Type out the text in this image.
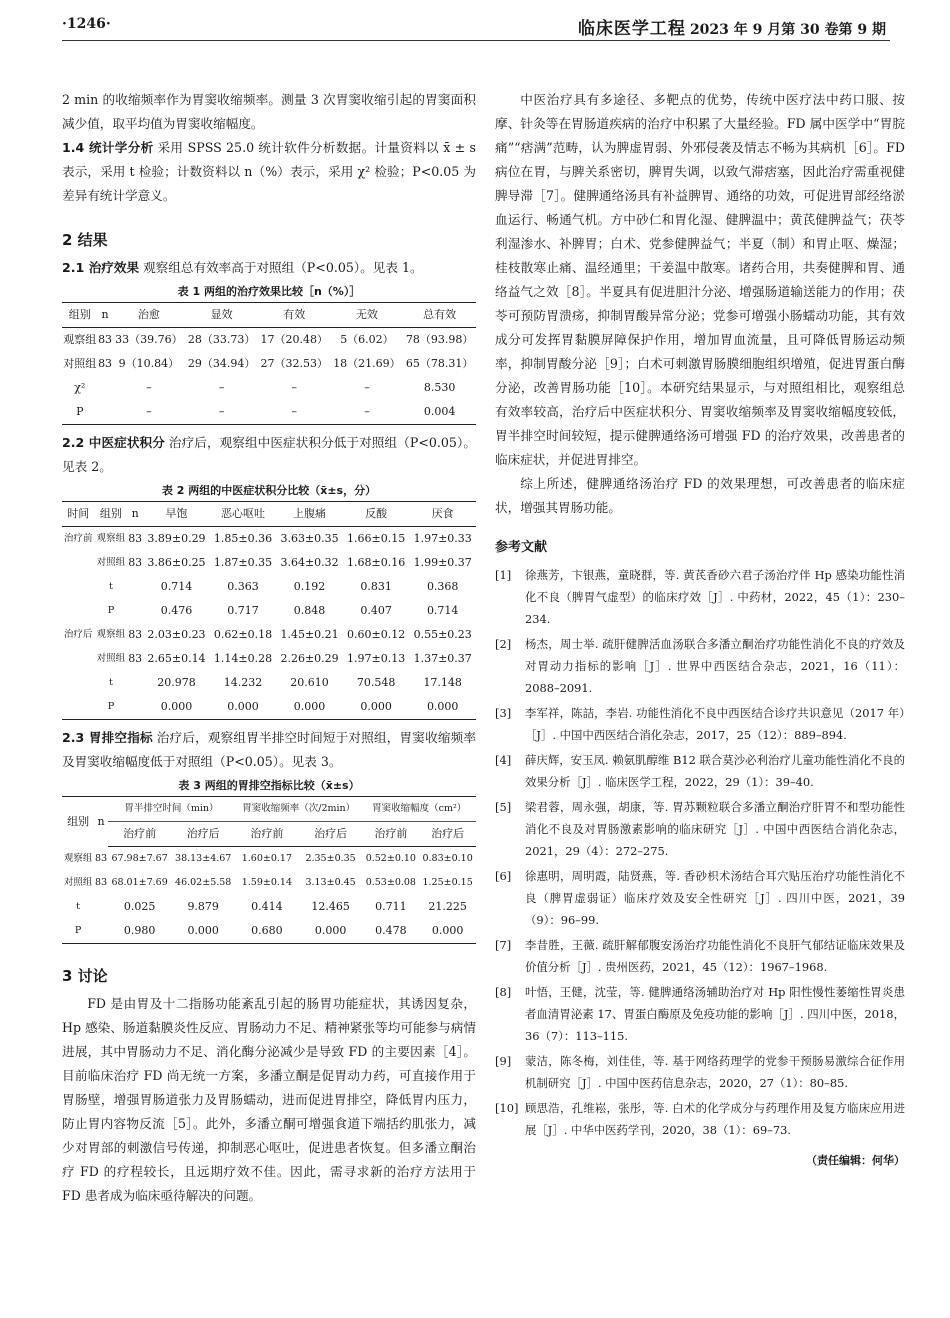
·1246·	临床医学工程 2023 年 9 月第 30 卷第 9 期

2 min 的收缩频率作为胃窦收缩频率。测量 3 次胃窦收缩引起的胃窦面积减少值，取平均值为胃窦收缩幅度。

1.4 统计学分析 采用 SPSS 25.0 统计软件分析数据。计量资料以 x̄ ± s 表示，采用 t 检验；计数资料以 n（%）表示，采用 χ² 检验；P<0.05 为差异有统计学意义。

2 结果

2.1 治疗效果 观察组总有效率高于对照组（P<0.05）。见表 1。

表 1 两组的治疗效果比较［n（%）］
组别	n	治愈	显效	有效	无效	总有效
观察组	83	33（39.76）	28（33.73）	17（20.48）	5（6.02）	78（93.98）
对照组	83	9（10.84）	29（34.94）	27（32.53）	18（21.69）	65（78.31）
χ²		–	–	–	–	8.530
P		–	–	–	–	0.004

2.2 中医症状积分 治疗后，观察组中医症状积分低于对照组（P<0.05）。见表 2。

表 2 两组的中医症状积分比较（x̄±s，分）
时间	组别	n	早饱	恶心呕吐	上腹痛	反酸	厌食
治疗前	观察组	83	3.89±0.29	1.85±0.36	3.63±0.35	1.66±0.15	1.97±0.33
	对照组	83	3.86±0.25	1.87±0.35	3.64±0.32	1.68±0.16	1.99±0.37
	t		0.714	0.363	0.192	0.831	0.368
	P		0.476	0.717	0.848	0.407	0.714
治疗后	观察组	83	2.03±0.23	0.62±0.18	1.45±0.21	0.60±0.12	0.55±0.23
	对照组	83	2.65±0.14	1.14±0.28	2.26±0.29	1.97±0.13	1.37±0.37
	t		20.978	14.232	20.610	70.548	17.148
	P		0.000	0.000	0.000	0.000	0.000

2.3 胃排空指标 治疗后，观察组胃半排空时间短于对照组，胃窦收缩频率及胃窦收缩幅度低于对照组（P<0.05）。见表 3。

表 3 两组的胃排空指标比较（x̄±s）
组别	n	胃半排空时间（min）		胃窦收缩频率（次/2min）		胃窦收缩幅度（cm²）	
		治疗前	治疗后	治疗前	治疗后	治疗前	治疗后
观察组	83	67.98±7.67	38.13±4.67	1.60±0.17	2.35±0.35	0.52±0.10	0.83±0.10
对照组	83	68.01±7.69	46.02±5.58	1.59±0.14	3.13±0.45	0.53±0.08	1.25±0.15
t		0.025	9.879	0.414	12.465	0.711	21.225
P		0.980	0.000	0.680	0.000	0.478	0.000
3 讨论

FD 是由胃及十二指肠功能紊乱引起的肠胃功能症状，其诱因复杂，Hp 感染、肠道黏膜炎性反应、胃肠动力不足、精神紧张等均可能参与病情进展，其中胃肠动力不足、消化酶分泌减少是导致 FD 的主要因素［4］。目前临床治疗 FD 尚无统一方案，多潘立酮是促胃动力药，可直接作用于胃肠壁，增强胃肠道张力及胃肠蠕动，进而促进胃排空，降低胃内压力，防止胃内容物反流［5］。此外，多潘立酮可增强食道下端括约肌张力，减少对胃部的刺激信号传递，抑制恶心呕吐，促进患者恢复。但多潘立酮治疗 FD 的疗程较长，且远期疗效不佳。因此，需寻求新的治疗方法用于 FD 患者成为临床亟待解决的问题。

中医治疗具有多途径、多靶点的优势，传统中医疗法中药口服、按摩、针灸等在胃肠道疾病的治疗中积累了大量经验。FD 属中医学中“胃脘痛”“痞满”范畴，认为脾虚胃弱、外邪侵袭及情志不畅为其病机［6］。FD 病位在胃，与脾关系密切，脾胃失调，以致气滞痞塞，因此治疗需重视健脾导滞［7］。健脾通络汤具有补益脾胃、通络的功效，可促进胃部经络淤血运行、畅通气机。方中砂仁和胃化湿、健脾温中；黄芪健脾益气；茯苓利湿渗水、补脾胃；白术、党参健脾益气；半夏（制）和胃止呕、燥湿；桂枝散寒止痛、温经通里；干姜温中散寒。诸药合用，共奏健脾和胃、通络益气之效［8］。半夏具有促进胆汁分泌、增强肠道输送能力的作用；茯苓可预防胃溃疡，抑制胃酸异常分泌；党参可增强小肠蠕动功能，其有效成分可发挥胃黏膜屏障保护作用，增加胃血流量，且可降低胃肠运动频率，抑制胃酸分泌［9］；白术可刺激胃肠膜细胞组织增殖，促进胃蛋白酶分泌，改善胃肠功能［10］。本研究结果显示，与对照组相比，观察组总有效率较高，治疗后中医症状积分、胃窦收缩频率及胃窦收缩幅度较低，胃半排空时间较短，提示健脾通络汤可增强 FD 的治疗效果，改善患者的临床症状，并促进胃排空。

综上所述，健脾通络汤治疗 FD 的效果理想，可改善患者的临床症状，增强其胃肠功能。

参考文献
[1]	徐燕芳，卞银燕，童晓群，等. 黄芪香砂六君子汤治疗伴 Hp 感染功能性消化不良（脾胃气虚型）的临床疗效［J］. 中药材，2022，45（1）：230–234.
[2]	杨杰，周士举. 疏肝健脾活血汤联合多潘立酮治疗功能性消化不良的疗效及对胃动力指标的影响［J］. 世界中西医结合杂志，2021，16（11）：2088–2091.
[3]	李军祥，陈詰，李岩. 功能性消化不良中西医结合诊疗共识意见（2017 年）［J］. 中国中西医结合消化杂志，2017，25（12）：889–894.
[4]	薛庆辉，安玉凤. 赖氨肌醇维 B12 联合莫沙必利治疗儿童功能性消化不良的效果分析［J］. 临床医学工程，2022，29（1）：39–40.
[5]	梁君蓉，周永强，胡康，等. 胃苏颗粒联合多潘立酮治疗肝胃不和型功能性消化不良及对胃肠激素影响的临床研究［J］. 中国中西医结合消化杂志，2021，29（4）：272–275.
[6]	徐惠明，周明霞，陆贤燕，等. 香砂枳术汤结合耳穴贴压治疗功能性消化不良（脾胃虚弱证）临床疗效及安全性研究［J］. 四川中医，2021，39（9）：96–99.
[7]	李昔胜，王薇. 疏肝解郁腹安汤治疗功能性消化不良肝气郁结证临床效果及价值分析［J］. 贵州医药，2021，45（12）：1967–1968.
[8]	叶悟，王健，沈莹，等. 健脾通络汤辅助治疗对 Hp 阳性慢性萎缩性胃炎患者血清胃泌素 17、胃蛋白酶原及免疫功能的影响［J］. 四川中医，2018，36（7）：113–115.
[9]	蒙洁，陈冬梅，刘佳佳，等. 基于网络药理学的党参干预肠易激综合征作用机制研究［J］. 中国中医药信息杂志，2020，27（1）：80–85.
[10] 顾思浩，孔维崧，张彤，等. 白术的化学成分与药理作用及复方临床应用进展［J］. 中华中医药学刊，2020，38（1）：69–73.
（责任编辑：何华）
